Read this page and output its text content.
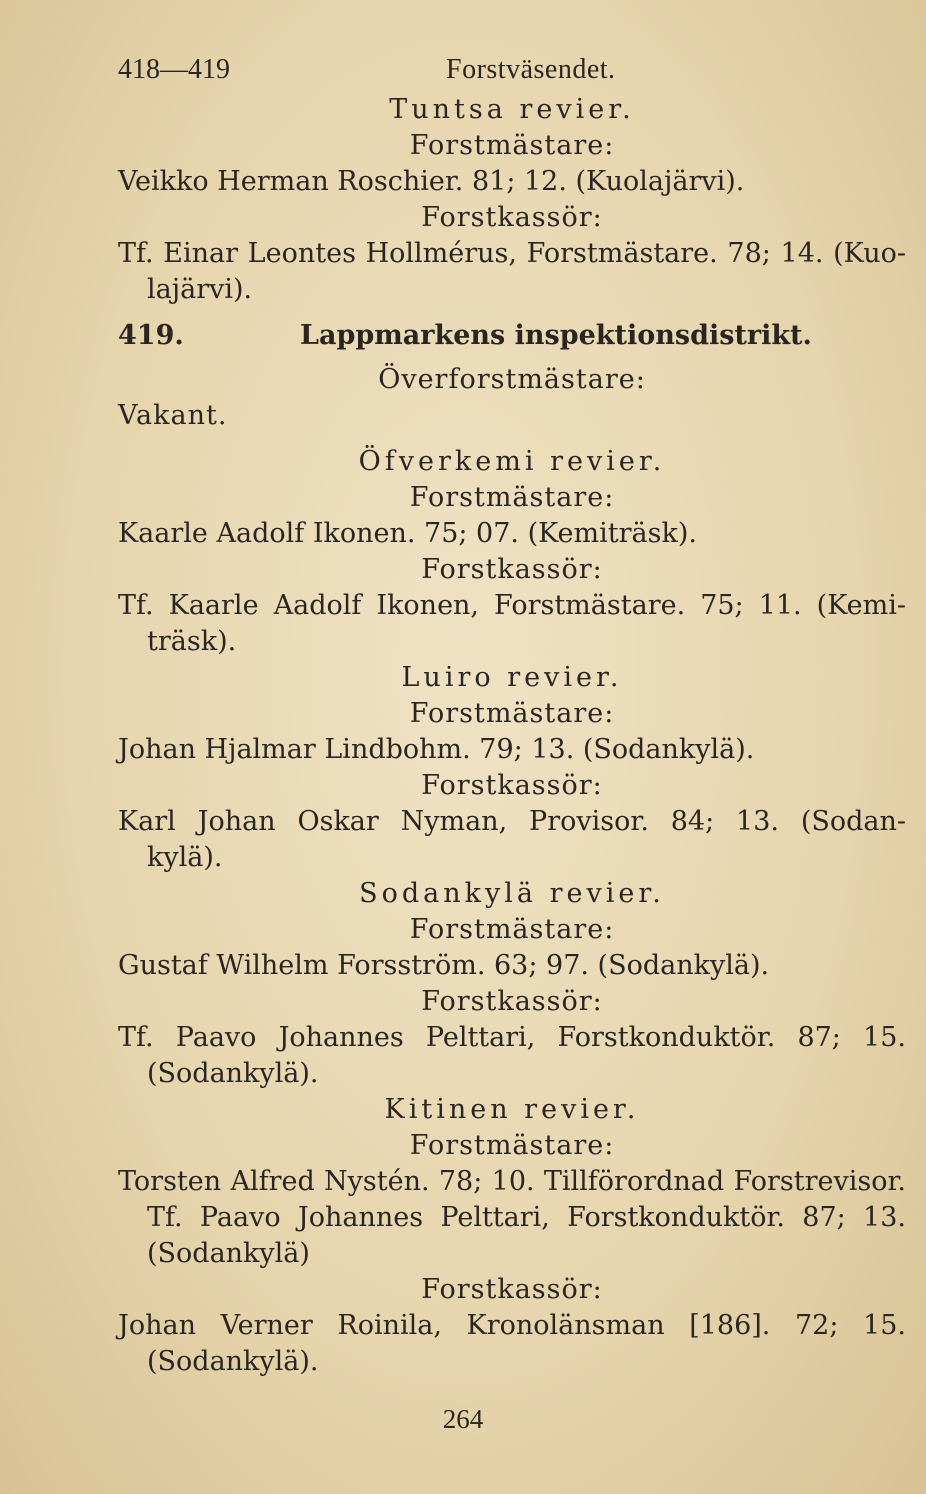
418—419	Forstväsendet.
Tuntsa revier.
Forstmästare:
Veikko Herman Roschier. 81; 12. (Kuolajärvi).
Forstkassör:
Tf. Einar Leontes Hollmérus, Forstmästare. 78; 14. (Kuo-
lajärvi).
419.	Lappmarkens inspektionsdistrikt.
Överforstmästare:
Vakant.
Öfverkemi revier.
Forstmästare:
Kaarle Aadolf Ikonen. 75; 07. (Kemiträsk).
Forstkassör:
Tf. Kaarle Aadolf Ikonen, Forstmästare. 75; 11. (Kemi-
träsk).
Luiro revier.
Forstmästare:
Johan Hjalmar Lindbohm. 79; 13. (Sodankylä).
Forstkassör:
Karl Johan Oskar Nyman, Provisor. 84; 13. (Sodan-
kylä).
Sodankylä revier.
Forstmästare:
Gustaf Wilhelm Forsström. 63; 97. (Sodankylä).
Forstkassör:
Tf. Paavo Johannes Pelttari, Forstkonduktör. 87; 15.
(Sodankylä).
Kitinen revier.
Forstmästare:
Torsten Alfred Nystén. 78; 10. Tillförordnad Forstrevisor.
Tf. Paavo Johannes Pelttari, Forstkonduktör. 87; 13.
(Sodankylä)
Forstkassör:
Johan Verner Roinila, Kronolänsman [186]. 72; 15.
(Sodankylä).
264
